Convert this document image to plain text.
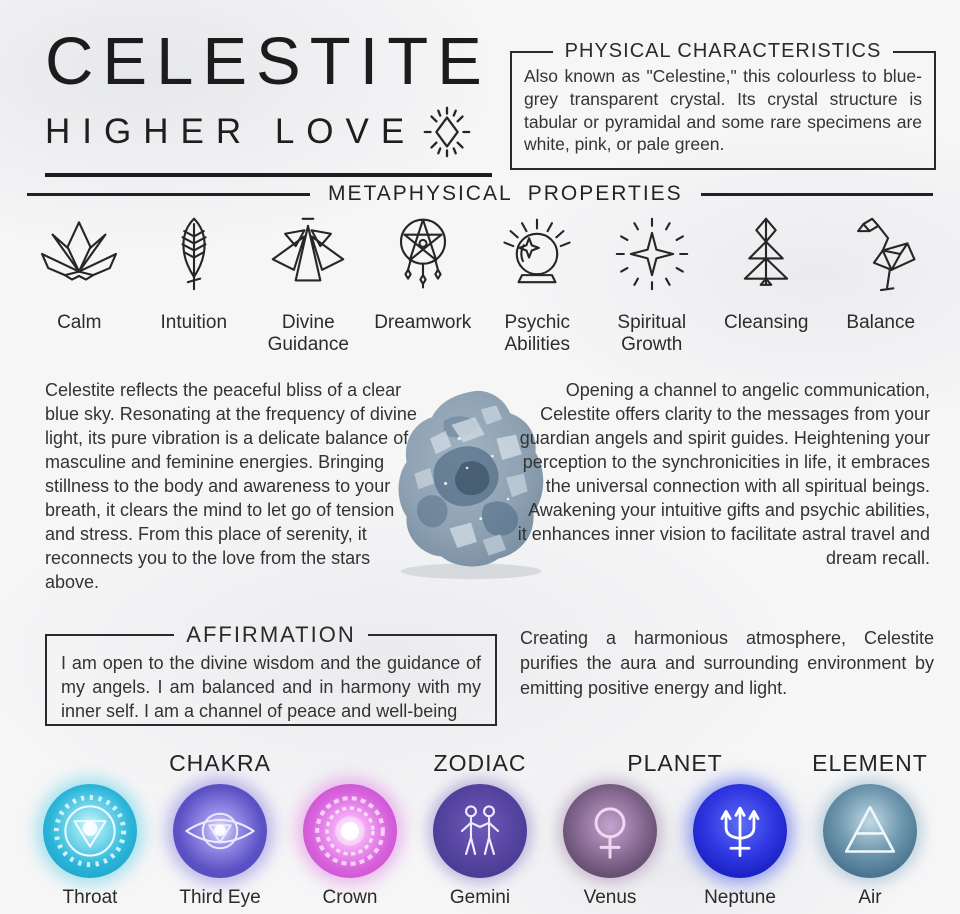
CELESTITE
HIGHER LOVE
PHYSICAL CHARACTERISTICS

Also known as "Celestine," this colourless to blue-grey transparent crystal. Its crystal structure is tabular or pyramidal and some rare specimens are white, pink, or pale green.

METAPHYSICAL PROPERTIES
Calm	Intuition	Divine Guidance
Dreamwork	Psychic Abilities
Spiritual Growth
Cleansing	Balance

Celestite reflects the peaceful bliss of a clear blue sky. Resonating at the frequency of divine light, its pure vibration is a delicate balance of masculine and feminine energies. Bringing stillness to the body and awareness to your breath, it clears the mind to let go of tension and stress. From this place of serenity, it reconnects you to the love from the stars above.

Opening a channel to angelic communication, Celestite offers clarity to the messages from your guardian angels and spirit guides. Heightening your perception to the synchronicities in life, it embraces the universal connection with all spiritual beings. Awakening your intuitive gifts and psychic abilities, it enhances inner vision to facilitate astral travel and dream recall.

AFFIRMATION

I am open to the divine wisdom and the guidance of my angels. I am balanced and in harmony with my inner self. I am a channel of peace and well-being

Creating a harmonious atmosphere, Celestite purifies the aura and surrounding environment by emitting positive energy and light.

CHAKRA	ZODIAC	PLANET	ELEMENT
Throat	Third Eye	Crown	Gemini	Venus	Neptune	Air
